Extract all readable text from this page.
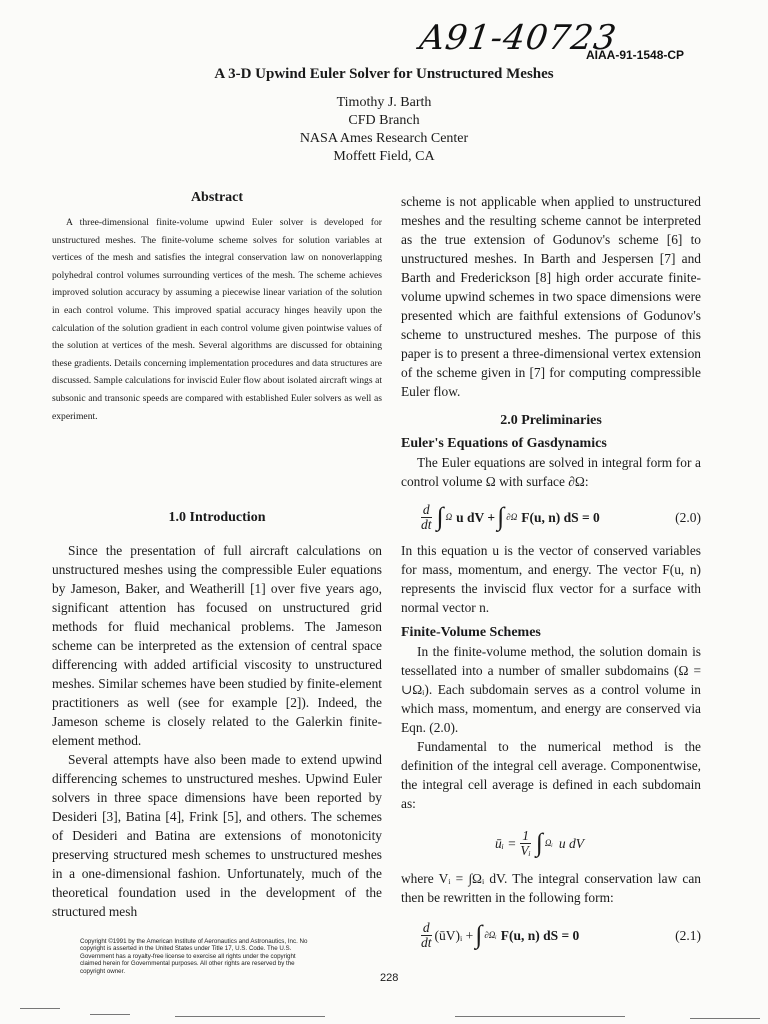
A91-40723
AIAA-91-1548-CP
A 3-D Upwind Euler Solver for Unstructured Meshes
Timothy J. Barth
CFD Branch
NASA Ames Research Center
Moffett Field, CA
Abstract

A three-dimensional finite-volume upwind Euler solver is developed for unstructured meshes. The finite-volume scheme solves for solution variables at vertices of the mesh and satisfies the integral conservation law on nonoverlapping polyhedral control volumes surrounding vertices of the mesh. The scheme achieves improved solution accuracy by assuming a piecewise linear variation of the solution in each control volume. This improved spatial accuracy hinges heavily upon the calculation of the solution gradient in each control volume given pointwise values of the solution at vertices of the mesh. Several algorithms are discussed for obtaining these gradients. Details concerning implementation procedures and data structures are discussed. Sample calculations for inviscid Euler flow about isolated aircraft wings at subsonic and transonic speeds are compared with established Euler solvers as well as experiment.

1.0 Introduction

Since the presentation of full aircraft calculations on unstructured meshes using the compressible Euler equations by Jameson, Baker, and Weatherill [1] over five years ago, significant attention has focused on unstructured grid methods for fluid mechanical problems. The Jameson scheme can be interpreted as the extension of central space differencing with added artificial viscosity to unstructured meshes. Similar schemes have been studied by finite-element practitioners as well (see for example [2]). Indeed, the Jameson scheme is closely related to the Galerkin finite-element method.

Several attempts have also been made to extend upwind differencing schemes to unstructured meshes. Upwind Euler solvers in three space dimensions have been reported by Desideri [3], Batina [4], Frink [5], and others. The schemes of Desideri and Batina are extensions of monotonicity preserving structured mesh schemes to unstructured meshes in a one-dimensional fashion. Unfortunately, much of the theoretical foundation used in the development of the structured mesh

scheme is not applicable when applied to unstructured meshes and the resulting scheme cannot be interpreted as the true extension of Godunov's scheme [6] to unstructured meshes. In Barth and Jespersen [7] and Barth and Frederickson [8] high order accurate finite-volume upwind schemes in two space dimensions were presented which are faithful extensions of Godunov's scheme to unstructured meshes. The purpose of this paper is to present a three-dimensional vertex extension of the scheme given in [7] for computing compressible Euler flow.

2.0 Preliminaries
Euler's Equations of Gasdynamics

The Euler equations are solved in integral form for a control volume Ω with surface ∂Ω:

$\frac{d}{dt}$ ∫ Ω u dV + ∫ ∂Ω F(u, n) dS = 0	(2.0)

In this equation u is the vector of conserved variables for mass, momentum, and energy. The vector F(u, n) represents the inviscid flux vector for a surface with normal vector n.

Finite-Volume Schemes

In the finite-volume method, the solution domain is tessellated into a number of smaller subdomains (Ω = ∪Ωᵢ). Each subdomain serves as a control volume in which mass, momentum, and energy are conserved via Eqn. (2.0).

Fundamental to the numerical method is the definition of the integral cell average. Componentwise, the integral cell average is defined in each subdomain as:

ūᵢ = $\frac{1}{\text{Vᵢ}}$ ∫ Ωᵢ u dV

where Vᵢ = ∫Ωᵢ dV. The integral conservation law can then be rewritten in the following form:

$\frac{d}{dt}$ (ūV)ᵢ + ∫ ∂Ωᵢ F(u, n) dS = 0	(2.1)
Copyright ©1991 by the American Institute of Aeronautics and Astronautics, Inc. No copyright is asserted in the United States under Title 17, U.S. Code. The U.S. Government has a royalty-free license to exercise all rights under the copyright claimed herein for Governmental purposes. All other rights are reserved by the copyright owner.
228
